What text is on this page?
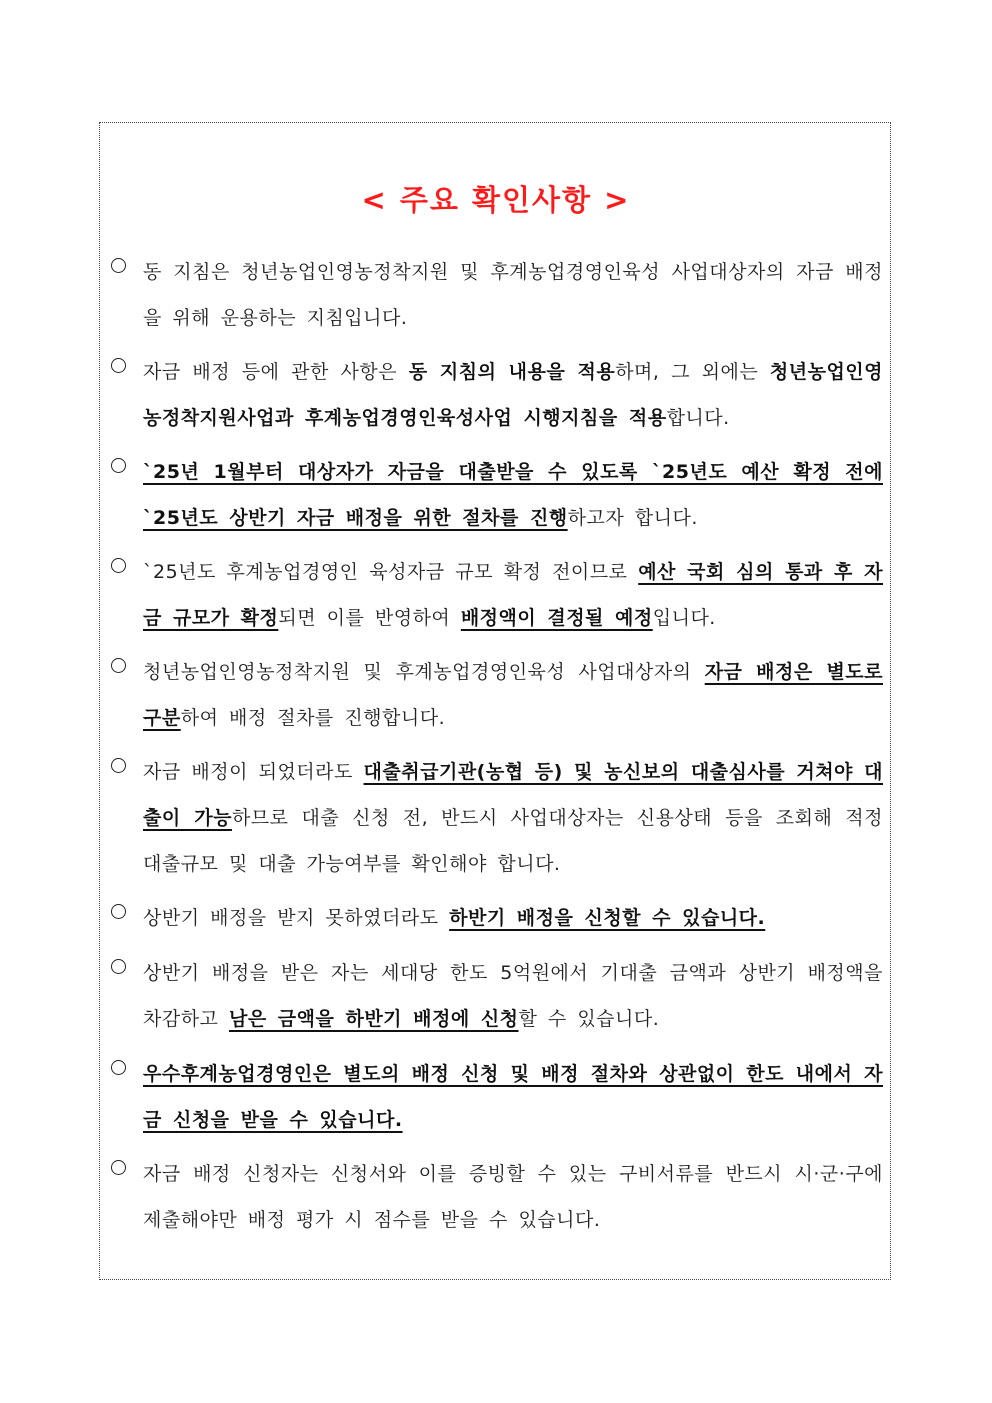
< 주요 확인사항 >
동 지침은 청년농업인영농정착지원 및 후계농업경영인육성 사업대상자의 자금 배정을 위해 운용하는 지침입니다.
자금 배정 등에 관한 사항은 동 지침의 내용을 적용하며, 그 외에는 청년농업인영농정착지원사업과 후계농업경영인육성사업 시행지침을 적용합니다.
`25년 1월부터 대상자가 자금을 대출받을 수 있도록 `25년도 예산 확정 전에 `25년도 상반기 자금 배정을 위한 절차를 진행하고자 합니다.
`25년도 후계농업경영인 육성자금 규모 확정 전이므로 예산 국회 심의 통과 후 자금 규모가 확정되면 이를 반영하여 배정액이 결정될 예정입니다.
청년농업인영농정착지원 및 후계농업경영인육성 사업대상자의 자금 배정은 별도로 구분하여 배정 절차를 진행합니다.
자금 배정이 되었더라도 대출취급기관(농협 등) 및 농신보의 대출심사를 거쳐야 대출이 가능하므로 대출 신청 전, 반드시 사업대상자는 신용상태 등을 조회해 적정 대출규모 및 대출 가능여부를 확인해야 합니다.
상반기 배정을 받지 못하였더라도 하반기 배정을 신청할 수 있습니다.
상반기 배정을 받은 자는 세대당 한도 5억원에서 기대출 금액과 상반기 배정액을 차감하고 남은 금액을 하반기 배정에 신청할 수 있습니다.
우수후계농업경영인은 별도의 배정 신청 및 배정 절차와 상관없이 한도 내에서 자금 신청을 받을 수 있습니다.
자금 배정 신청자는 신청서와 이를 증빙할 수 있는 구비서류를 반드시 시·군·구에 제출해야만 배정 평가 시 점수를 받을 수 있습니다.
